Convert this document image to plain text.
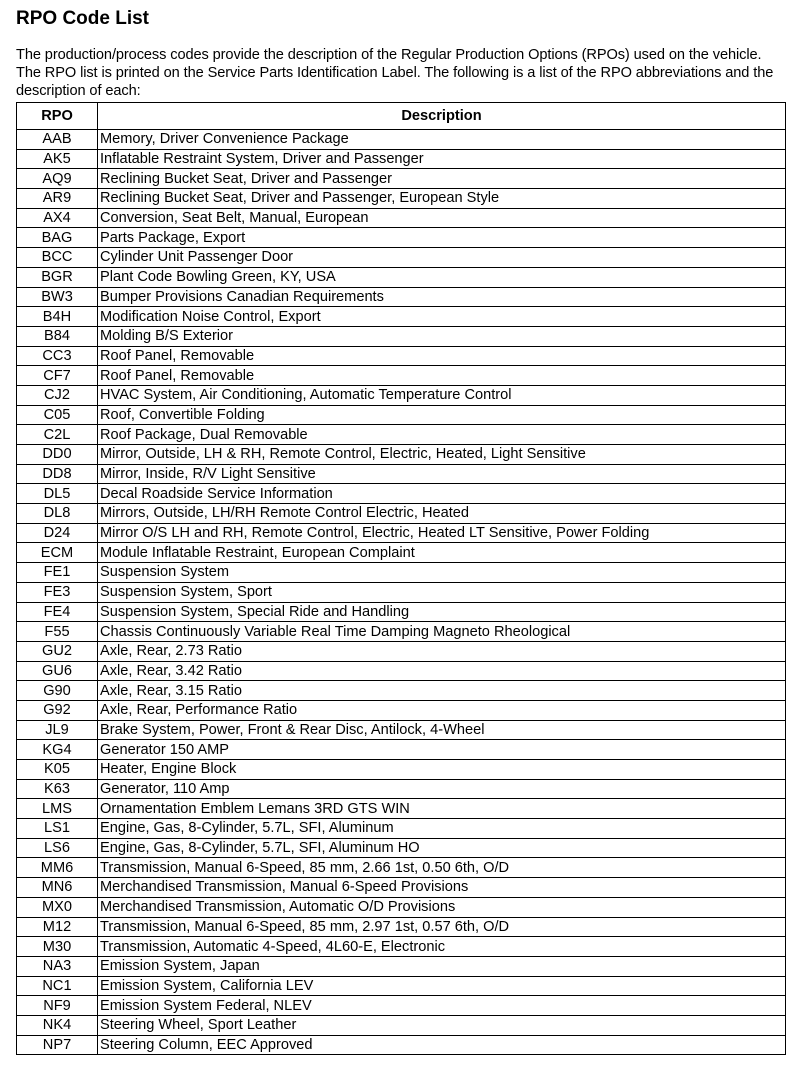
RPO Code List
The production/process codes provide the description of the Regular Production Options (RPOs) used on the vehicle. The RPO list is printed on the Service Parts Identification Label. The following is a list of the RPO abbreviations and the description of each:
RPO	Description
AAB	Memory, Driver Convenience Package
AK5	Inflatable Restraint System, Driver and Passenger
AQ9	Reclining Bucket Seat, Driver and Passenger
AR9	Reclining Bucket Seat, Driver and Passenger, European Style
AX4	Conversion, Seat Belt, Manual, European
BAG	Parts Package, Export
BCC	Cylinder Unit Passenger Door
BGR	Plant Code Bowling Green, KY, USA
BW3	Bumper Provisions Canadian Requirements
B4H	Modification Noise Control, Export
B84	Molding B/S Exterior
CC3	Roof Panel, Removable
CF7	Roof Panel, Removable
CJ2	HVAC System, Air Conditioning, Automatic Temperature Control
C05	Roof, Convertible Folding
C2L	Roof Package, Dual Removable
DD0	Mirror, Outside, LH & RH, Remote Control, Electric, Heated, Light Sensitive
DD8	Mirror, Inside, R/V Light Sensitive
DL5	Decal Roadside Service Information
DL8	Mirrors, Outside, LH/RH Remote Control Electric, Heated
D24	Mirror O/S LH and RH, Remote Control, Electric, Heated LT Sensitive, Power Folding
ECM	Module Inflatable Restraint, European Complaint
FE1	Suspension System
FE3	Suspension System, Sport
FE4	Suspension System, Special Ride and Handling
F55	Chassis Continuously Variable Real Time Damping Magneto Rheological
GU2	Axle, Rear, 2.73 Ratio
GU6	Axle, Rear, 3.42 Ratio
G90	Axle, Rear, 3.15 Ratio
G92	Axle, Rear, Performance Ratio
JL9	Brake System, Power, Front & Rear Disc, Antilock, 4-Wheel
KG4	Generator 150 AMP
K05	Heater, Engine Block
K63	Generator, 110 Amp
LMS	Ornamentation Emblem Lemans 3RD GTS WIN
LS1	Engine, Gas, 8-Cylinder, 5.7L, SFI, Aluminum
LS6	Engine, Gas, 8-Cylinder, 5.7L, SFI, Aluminum HO
MM6	Transmission, Manual 6-Speed, 85 mm, 2.66 1st, 0.50 6th, O/D
MN6	Merchandised Transmission, Manual 6-Speed Provisions
MX0	Merchandised Transmission, Automatic O/D Provisions
M12	Transmission, Manual 6-Speed, 85 mm, 2.97 1st, 0.57 6th, O/D
M30	Transmission, Automatic 4-Speed, 4L60-E, Electronic
NA3	Emission System, Japan
NC1	Emission System, California LEV
NF9	Emission System Federal, NLEV
NK4	Steering Wheel, Sport Leather
NP7	Steering Column, EEC Approved
